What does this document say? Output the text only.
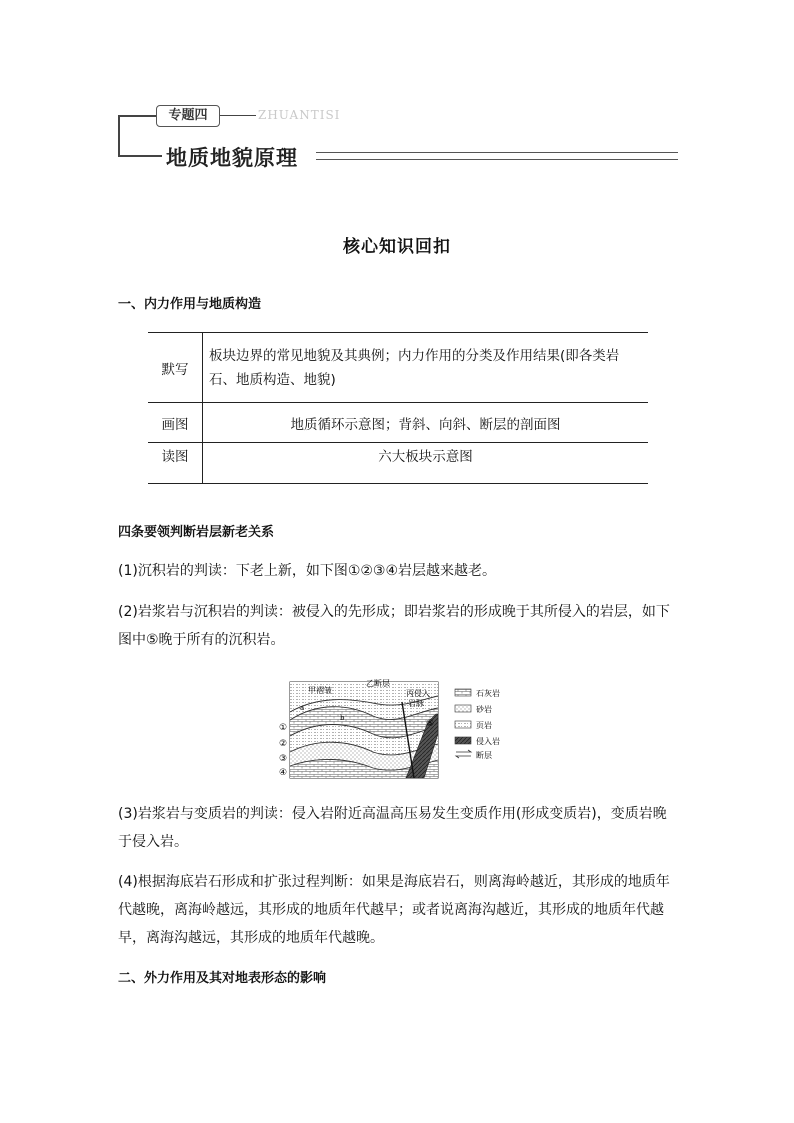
专题四	ZHUANTISI
地质地貌原理
核心知识回扣
一、内力作用与地质构造
默写	板块边界的常见地貌及其典例；内力作用的分类及作用结果(即各类岩石、地质构造、地貌)
画图	地质循环示意图；背斜、向斜、断层的剖面图
读图	六大板块示意图
四条要领判断岩层新老关系
(1)沉积岩的判读：下老上新，如下图①②③④岩层越来越老。
(2)岩浆岩与沉积岩的判读：被侵入的先形成；即岩浆岩的形成晚于其所侵入的岩层，如下图中⑤晚于所有的沉积岩。
甲褶皱
乙断层
丙侵入
岩脉
a
b
①
②
③
④
⑤
石灰岩
砂岩
页岩
侵入岩
断层
(3)岩浆岩与变质岩的判读：侵入岩附近高温高压易发生变质作用(形成变质岩)，变质岩晚于侵入岩。
(4)根据海底岩石形成和扩张过程判断：如果是海底岩石，则离海岭越近，其形成的地质年代越晚，离海岭越远，其形成的地质年代越早；或者说离海沟越近，其形成的地质年代越早，离海沟越远，其形成的地质年代越晚。
二、外力作用及其对地表形态的影响
